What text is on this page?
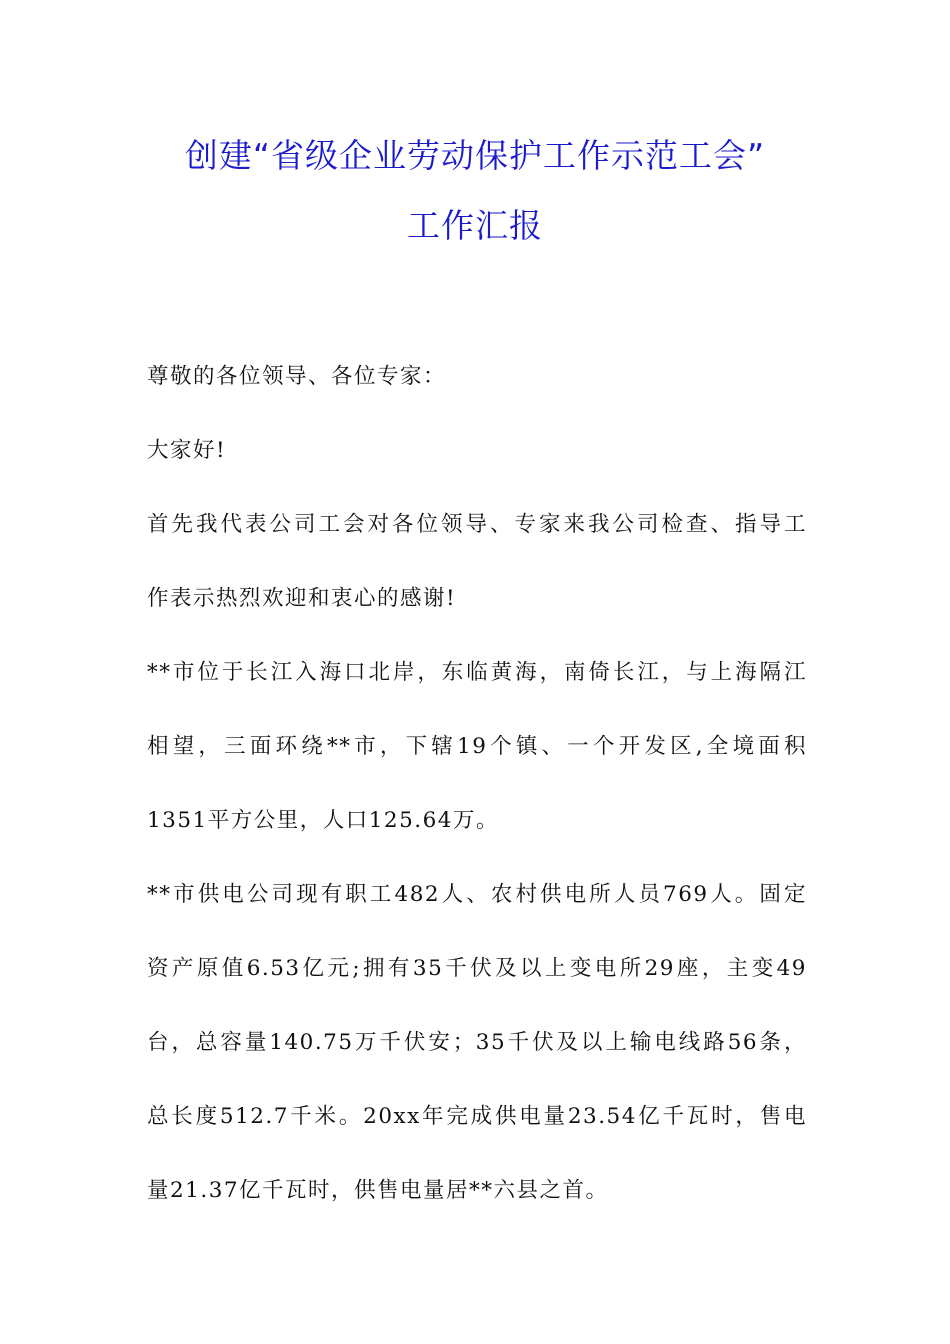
创建“省级企业劳动保护工作示范工会”
工作汇报

尊敬的各位领导、各位专家：

大家好!

首先我代表公司工会对各位领导、专家来我公司检查、指导工
作表示热烈欢迎和衷心的感谢!

**市位于长江入海口北岸，东临黄海，南倚长江，与上海隔江
相望，三面环绕**市，下辖19个镇、一个开发区,全境面积
1351平方公里，人口125.64万。

**市供电公司现有职工482人、农村供电所人员769人。固定
资产原值6.53亿元;拥有35千伏及以上变电所29座，主变49
台，总容量140.75万千伏安；35千伏及以上输电线路56条，
总长度512.7千米。20xx年完成供电量23.54亿千瓦时，售电
量21.37亿千瓦时，供售电量居**六县之首。
